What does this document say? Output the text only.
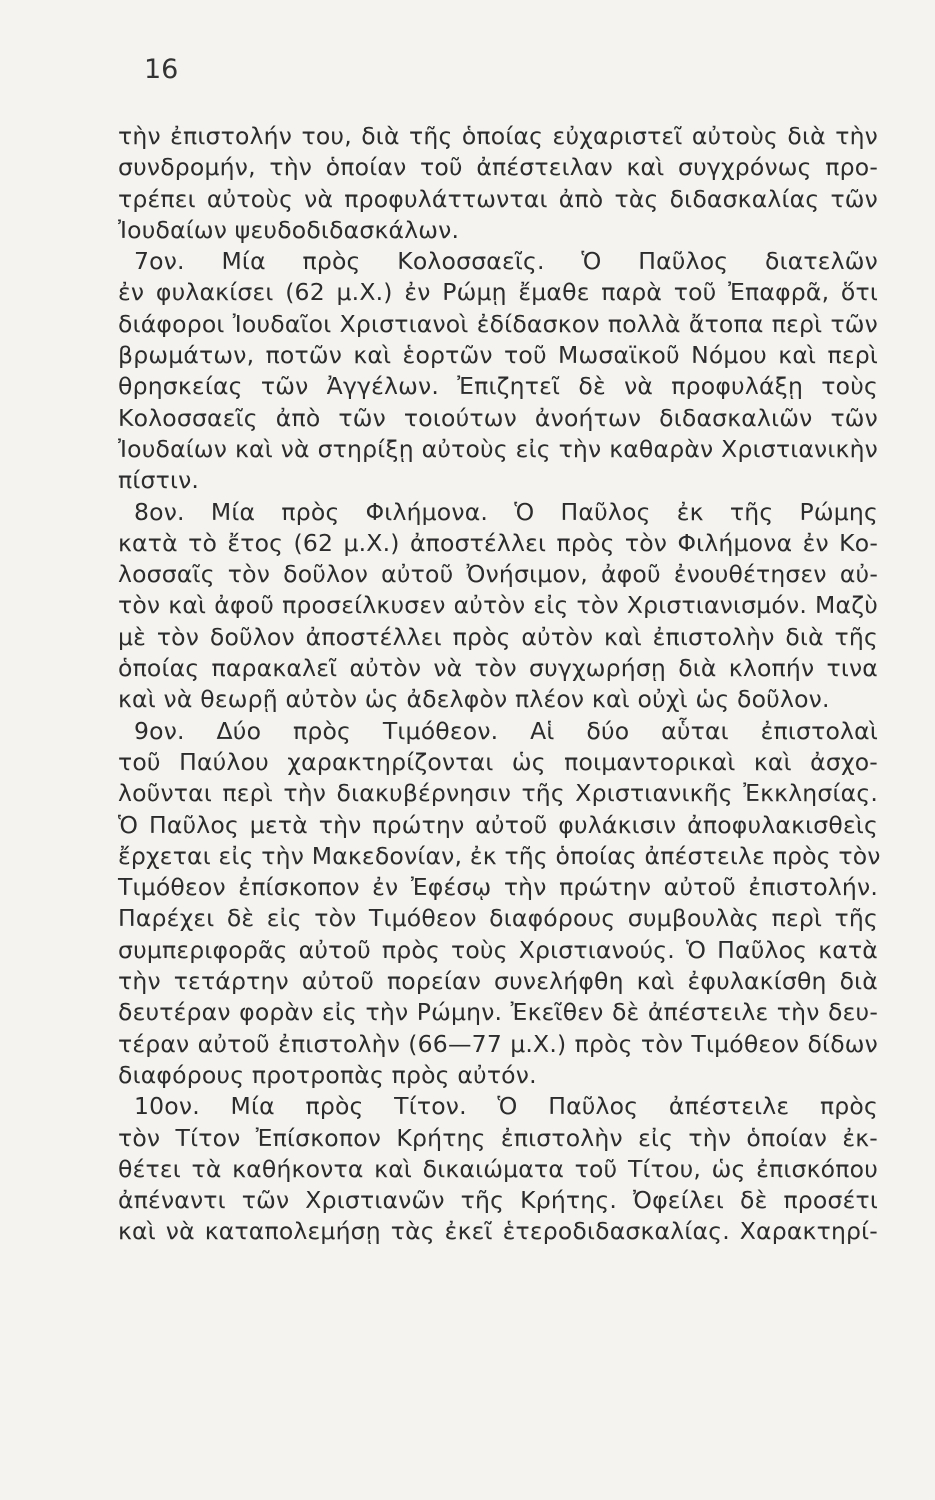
16
τὴν ἐπιστολήν του, διὰ τῆς ὁποίας εὐχαριστεῖ αὐτοὺς διὰ τὴν
συνδρομήν, τὴν ὁποίαν τοῦ ἀπέστειλαν καὶ συγχρόνως προ-
τρέπει αὐτοὺς νὰ προφυλάττωνται ἀπὸ τὰς διδασκαλίας τῶν
Ἰουδαίων ψευδοδιδασκάλων.
7ον. Μία πρὸς Κολοσσαεῖς. Ὁ Παῦλος διατελῶν
ἐν φυλακίσει (62 μ.Χ.) ἐν Ρώμῃ ἔμαθε παρὰ τοῦ Ἐπαφρᾶ, ὅτι
διάφοροι Ἰουδαῖοι Χριστιανοὶ ἐδίδασκον πολλὰ ἄτοπα περὶ τῶν
βρωμάτων, ποτῶν καὶ ἑορτῶν τοῦ Μωσαϊκοῦ Νόμου καὶ περὶ
θρησκείας τῶν Ἀγγέλων. Ἐπιζητεῖ δὲ νὰ προφυλάξῃ τοὺς
Κολοσσαεῖς ἀπὸ τῶν τοιούτων ἀνοήτων διδασκαλιῶν τῶν
Ἰουδαίων καὶ νὰ στηρίξῃ αὐτοὺς εἰς τὴν καθαρὰν Χριστιανικὴν
πίστιν.
8ον. Μία πρὸς Φιλήμονα. Ὁ Παῦλος ἐκ τῆς Ρώμης
κατὰ τὸ ἔτος (62 μ.Χ.) ἀποστέλλει πρὸς τὸν Φιλήμονα ἐν Κο-
λοσσαῖς τὸν δοῦλον αὐτοῦ Ὀνήσιμον, ἀφοῦ ἐνουθέτησεν αὐ-
τὸν καὶ ἀφοῦ προσείλκυσεν αὐτὸν εἰς τὸν Χριστιανισμόν. Μαζὺ
μὲ τὸν δοῦλον ἀποστέλλει πρὸς αὐτὸν καὶ ἐπιστολὴν διὰ τῆς
ὁποίας παρακαλεῖ αὐτὸν νὰ τὸν συγχωρήσῃ διὰ κλοπήν τινα
καὶ νὰ θεωρῇ αὐτὸν ὡς ἀδελφὸν πλέον καὶ οὐχὶ ὡς δοῦλον.
9ον. Δύο πρὸς Τιμόθεον. Αἱ δύο αὗται ἐπιστολαὶ
τοῦ Παύλου χαρακτηρίζονται ὡς ποιμαντορικαὶ καὶ ἀσχο-
λοῦνται περὶ τὴν διακυβέρνησιν τῆς Χριστιανικῆς Ἐκκλησίας.
Ὁ Παῦλος μετὰ τὴν πρώτην αὐτοῦ φυλάκισιν ἀποφυλακισθεὶς
ἔρχεται εἰς τὴν Μακεδονίαν, ἐκ τῆς ὁποίας ἀπέστειλε πρὸς τὸν
Τιμόθεον ἐπίσκοπον ἐν Ἐφέσῳ τὴν πρώτην αὐτοῦ ἐπιστολήν.
Παρέχει δὲ εἰς τὸν Τιμόθεον διαφόρους συμβουλὰς περὶ τῆς
συμπεριφορᾶς αὐτοῦ πρὸς τοὺς Χριστιανούς. Ὁ Παῦλος κατὰ
τὴν τετάρτην αὐτοῦ πορείαν συνελήφθη καὶ ἐφυλακίσθη διὰ
δευτέραν φορὰν εἰς τὴν Ρώμην. Ἐκεῖθεν δὲ ἀπέστειλε τὴν δευ-
τέραν αὐτοῦ ἐπιστολὴν (66—77 μ.Χ.) πρὸς τὸν Τιμόθεον δίδων
διαφόρους προτροπὰς πρὸς αὐτόν.
10ον. Μία πρὸς Τίτον. Ὁ Παῦλος ἀπέστειλε πρὸς
τὸν Τίτον Ἐπίσκοπον Κρήτης ἐπιστολὴν εἰς τὴν ὁποίαν ἐκ-
θέτει τὰ καθήκοντα καὶ δικαιώματα τοῦ Τίτου, ὡς ἐπισκόπου
ἀπέναντι τῶν Χριστιανῶν τῆς Κρήτης. Ὀφείλει δὲ προσέτι
καὶ νὰ καταπολεμήσῃ τὰς ἐκεῖ ἑτεροδιδασκαλίας. Χαρακτηρί-
